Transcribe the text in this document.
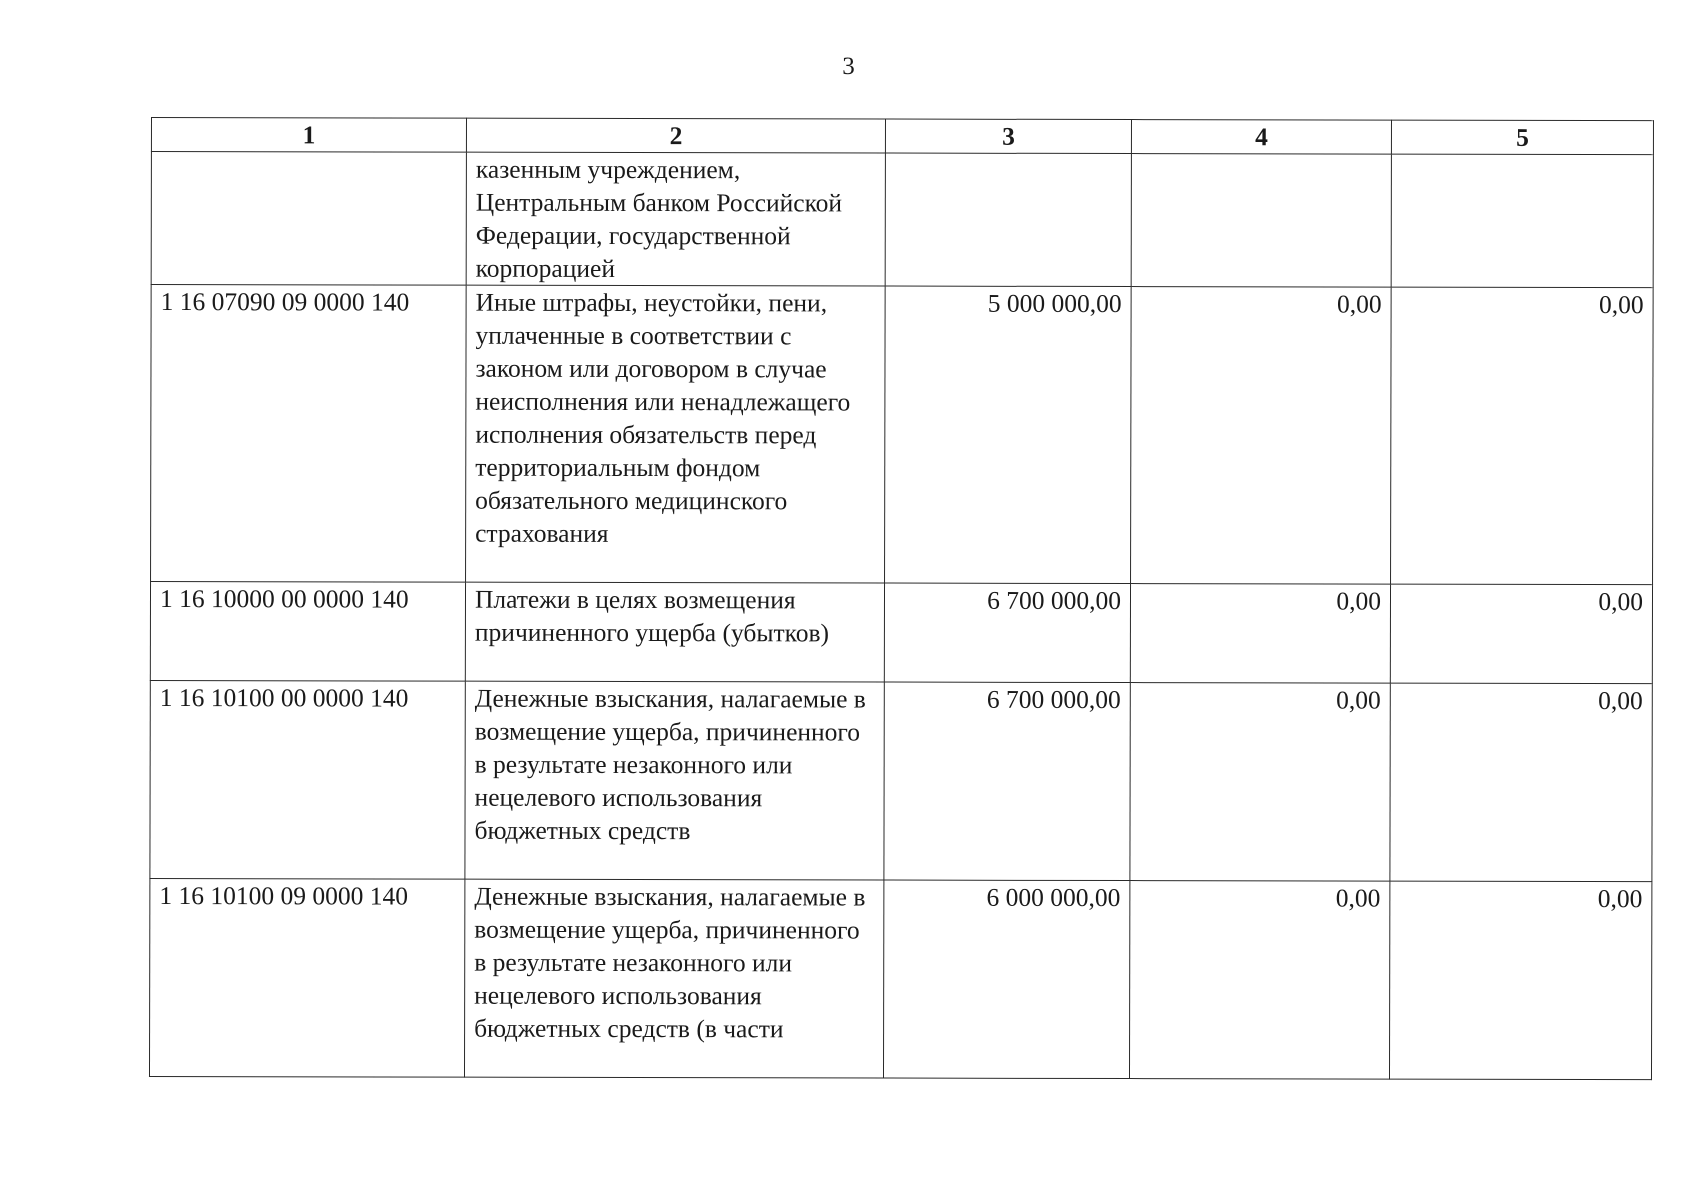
3
1	2	3	4	5
	казенным учреждением, Центральным банком Российской Федерации, государственной корпорацией			
1 16 07090 09 0000 140	Иные штрафы, неустойки, пени, уплаченные в соответствии с законом или договором в случае неисполнения или ненадлежащего исполнения обязательств перед территориальным фондом обязательного медицинского страхования	5 000 000,00	0,00	0,00
1 16 10000 00 0000 140	Платежи в целях возмещения причиненного ущерба (убытков)	6 700 000,00	0,00	0,00
1 16 10100 00 0000 140	Денежные взыскания, налагаемые в возмещение ущерба, причиненного в результате незаконного или нецелевого использования бюджетных средств	6 700 000,00	0,00	0,00
1 16 10100 09 0000 140	Денежные взыскания, налагаемые в возмещение ущерба, причиненного в результате незаконного или нецелевого использования бюджетных средств (в части	6 000 000,00	0,00	0,00
